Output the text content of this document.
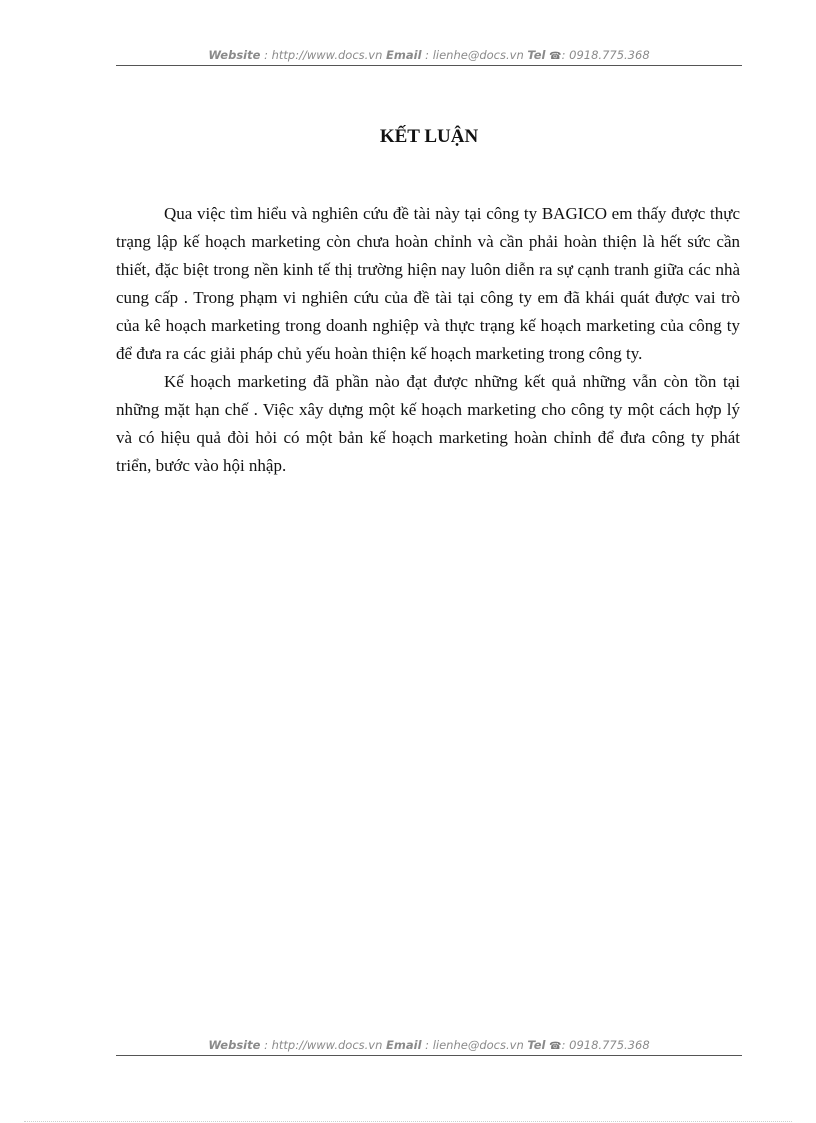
Website : http://www.docs.vn Email : lienhe@docs.vn Tel ☎: 0918.775.368
KẾT LUẬN

Qua việc tìm hiểu và nghiên cứu đề tài này tại công ty BAGICO em thấy được thực trạng lập kế hoạch marketing còn chưa hoàn chỉnh và cần phải hoàn thiện là hết sức cần thiết, đặc biệt trong nền kinh tế thị trường hiện nay luôn diễn ra sự cạnh tranh giữa các nhà cung cấp . Trong phạm vi nghiên cứu của đề tài tại công ty em đã khái quát được vai trò của kê hoạch marketing trong doanh nghiệp và thực trạng kế hoạch marketing của công ty để đưa ra các giải pháp chủ yếu hoàn thiện kế hoạch marketing trong công ty.

Kế hoạch marketing đã phần nào đạt được những kết quả những vẫn còn tồn tại những mặt hạn chế . Việc xây dựng một kế hoạch marketing cho công ty một cách hợp lý và có hiệu quả đòi hỏi có một bản kế hoạch marketing hoàn chỉnh để đưa công ty phát triển, bước vào hội nhập.

Website : http://www.docs.vn Email : lienhe@docs.vn Tel ☎: 0918.775.368
